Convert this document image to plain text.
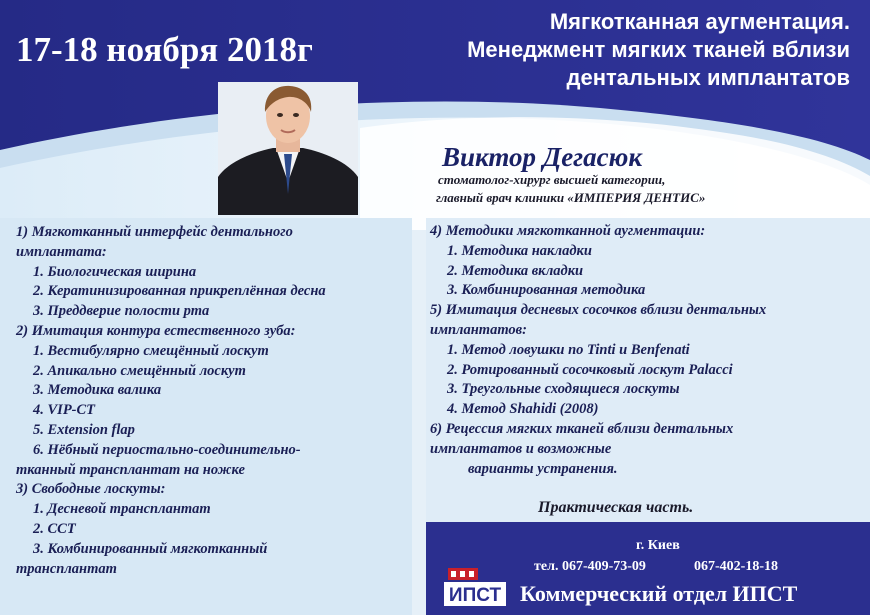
17-18 ноября 2018г
Мягкотканная аугментация.
Менеджмент мягких тканей вблизи
дентальных имплантатов
Виктор Дегасюк
стоматолог-хирург высшей категории,
главный врач клиники «ИМПЕРИЯ ДЕНТИС»
1) Мягкотканный интерфейс дентального
имплантата:
1. Биологическая ширина
2. Кератинизированная прикреплённая десна
3. Преддверие полости рта
2) Имитация контура естественного зуба:
1. Вестибулярно смещённый лоскут
2. Апикально смещённый лоскут
3. Методика валика
4. VIP-CT
5. Extension flap
6. Нёбный периостально-соединительно-
тканный трансплантат на ножке
3) Свободные лоскуты:
1. Десневой трансплантат
2. CCT
3. Комбинированный мягкотканный
трансплантат
4) Методики мягкотканной аугментации:
1. Методика накладки
2. Методика вкладки
3. Комбинированная методика
5) Имитация десневых сосочков вблизи дентальных
имплантатов:
1. Метод ловушки по Tinti и Benfenati
2. Ротированный сосочковый лоскут Palacci
3. Треугольные сходящиеся лоскуты
4. Метод Shahidi (2008)
6) Рецессия мягких тканей вблизи дентальных
имплантатов и возможные
варианты устранения.
Практическая часть.
г. Киев
тел. 067-409-73-09	067-402-18-18
Коммерческий отдел ИПСТ
ИПСТ
